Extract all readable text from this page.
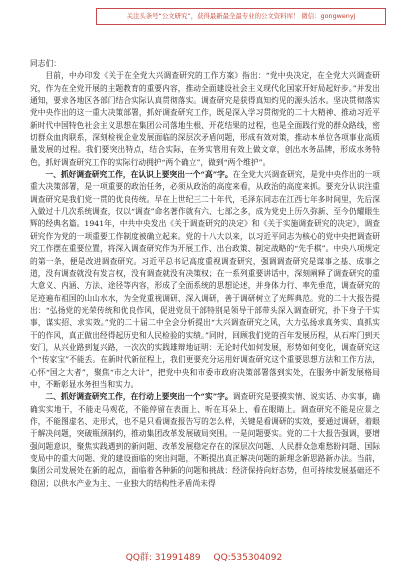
关注头条号“公文研究”，获得最新最全最专业的公文资料库！ 微信：gongwenyj

同志们：

目前，中办印发《关于在全党大兴调查研究的工作方案》指出：“党中央决定，在全党大兴调查研究，作为在全党开展的主题教育的重要内容，推动全面建设社会主义现代化国家开好局起好步。”并发出通知，要求各地区各部门结合实际认真贯彻落实。调查研究是获得真知灼见的源头活水。坚决贯彻落实党中央作出的这一重大决策部署，抓好调查研究工作，既是深入学习贯彻党的二十大精神、推动习近平新时代中国特色社会主义思想在集团公司落地生根、开花结果的过程，也是全面践行党的群众路线，密切群众血肉联系，深刻检视企业发展面临的深层次矛盾问题，形成有效对策，推动本单位各项事业高质量发展的过程。我们要突出特点，结合实际，在务实管用有效上做文章，创出水务品牌，形成水务特色，抓好调查研究工作的实际行动拥护“两个确立”，做到“两个维护”。

一、抓好调查研究工作，在认识上要突出一个“高”字。在全党大兴调查研究，是党中央作出的一项重大决策部署，是一项重要的政治任务，必须从政治的高度来看，从政治的高度来抓。要充分认识注重调查研究是我们党一贯的优良传统。早在上世纪三二十年代，毛泽东同志在江西七年多时间里，先后深入做过十几次系统调查，仅以“调查”命名著作就有六、七部之多，成为党史上历久弥新、至今仍耀眼生辉的经典名篇。1941年，中共中央发出《关于调查研究的决定》和《关于实施调查研究的决定》，调查研究作为党的一项重要工作制度被确立起来。党的十八大以来，以习近平同志为核心的党中央把调查研究工作摆在重要位置，将深入调查研究作为开展工作、出台政策、制定战略的“先手棋”。中央八项规定的第一条，便是改进调查研究。习近平总书记高度重视调查研究，强调调查研究是谋事之基、成事之道，没有调查就没有发言权，没有调查就没有决策权；在一系列重要讲话中，深刻阐释了调查研究的重大意义、内涵、方法、途径等内容，形成了全面系统的思想论述，并身体力行、率先垂范，调查研究的足迹遍布祖国的山山水水，为全党重视调研、深入调研，善于调研树立了光辉典范。党的二十大报告提出：“弘扬党的光荣传统和优良作风，促进党员干部特别是领导干部带头深入调查研究，扑下身子干实事，谋实招、求实效。”党的二十届二中全会分析提出“大兴调查研究之风，大力弘扬求真务实、真抓实干的作风，真正做出经得起历史和人民检验的实绩。”同时，回顾我们党的百年发展历程，从石库门到天安门，从兴业路到复兴路，一次次的实践雄辩地证明：无论时代如何发展，形势如何变化，调查研究这个“传家宝”不能丢。在新时代新征程上，我们更要充分运用好调查研究这个重要思想方法和工作方法，心怀“国之大者”，聚焦“市之大计”，把党中央和市委市政府决策部署落到实处，在服务中新发展格局中，不断彰显水务担当和实力。

二、抓好调查研究工作，在行动上要突出一个“实”字。调查研究是要摸实情、说实话、办实事，确确实实地干，不能走马观花，不能停留在表面上、听在耳朵上、看在眼睛上。调查研究不能是应景之作，不能图虚名、走形式，也不是只看调查报告写的怎么样，关键是看调研的实效，要通过调研，着眼于解决问题，突破瓶颈制约，推动集团改革发展破局突围。一是问题要实。党的二十大报告强调，要增强问题意识，聚焦实践遇到的新问题、改革发展稳定存在的深层次问题、人民群众急难愁盼问题、国际变局中的重大问题、党的建设面临的突出问题，不断提出真正解决问题的新理念新思路新办法。当前，集团公司发展处在新的起点，面临着各种新的问题和挑战：经济保持向好态势，但可持续发展基础还不稳固；以供水产业为主、一业独大的结构性矛盾尚未得

QQ群: 31991489 QQ:535304092
